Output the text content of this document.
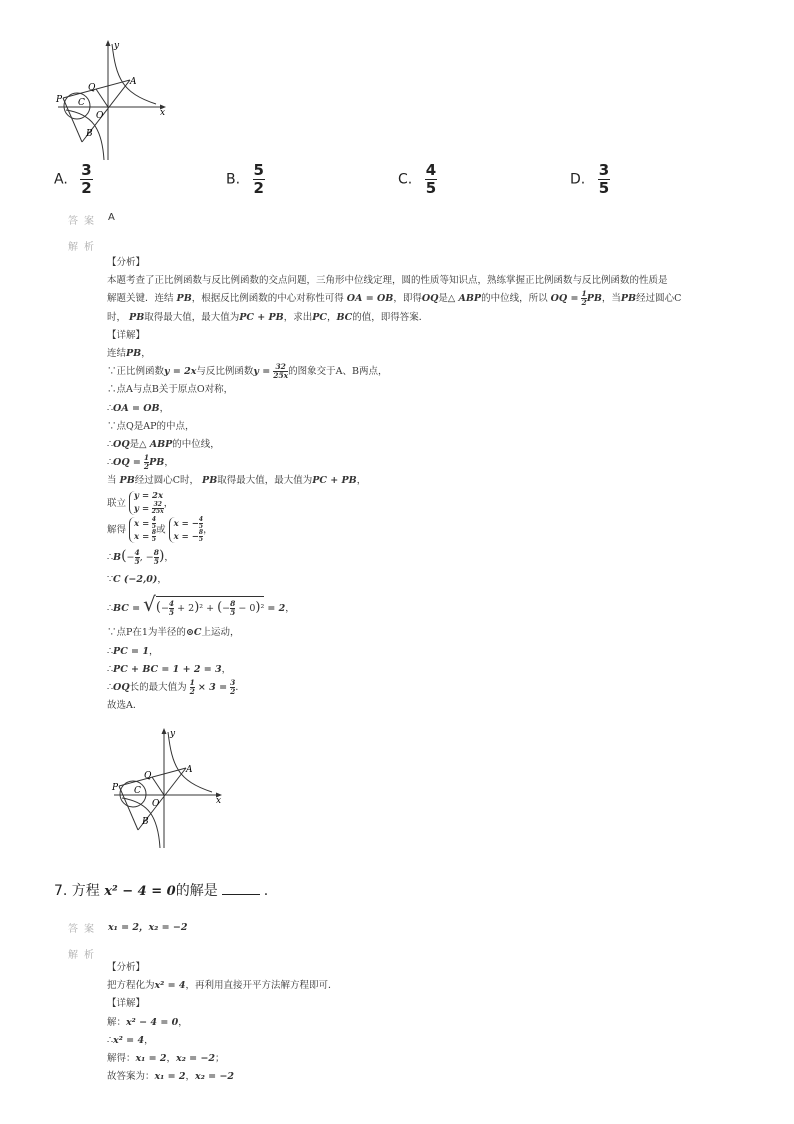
y
x
A
B
P
Q
C
O
A. $\frac{3}{2}$	B. $\frac{5}{2}$	C. $\frac{4}{5}$	D. $\frac{3}{5}$
答案 A
解析

【分析】

本题考查了正比例函数与反比例函数的交点问题，三角形中位线定理，圆的性质等知识点，熟练掌握正比例函数与反比例函数的性质是

解题关键．连结 PB，根据反比例函数的中心对称性可得 OA = OB，即得OQ是△ ABP的中位线，所以 OQ = $\frac{1}{2}PB$，当PB经过圆心C

时， PB取得最大值，最大值为PC + PB，求出PC，BC的值，即得答案．

【详解】

连结PB，

∵正比例函数y = 2x与反比例函数$y = \frac{32}{25x}$的图象交于A、B两点，

∴点A与点B关于原点O对称，

∴OA = OB，

∵点Q是AP的中点，

∴OQ是△ ABP的中位线，

∴OQ = $\frac{1}{2}PB$，

当 PB经过圆心C时， PB取得最大值，最大值为PC + PB，

联立 y = 2x
$y = \frac{32}{25x}$，

解得 $x = \frac{4}{5}$
$x = \frac{8}{5}$或 x = − $\frac{4}{5}$
x = − $\frac{8}{5}$，

∴B(− $\frac{4}{5}$, − $\frac{8}{5}$)，

∵C (−2,0)，

∴BC = √(− $\frac{4}{5} + 2)^2$ + (− $\frac{8}{5} - 0)^2 = 2$，

∵点P在1为半径的⊙C上运动，

∴PC = 1，

∴PC + BC = 1 + 2 = 3，

∴OQ长的最大值为 $\frac{1}{2} \times 3 = \frac{3}{2}$．

故选A．

y
x
A
B
P
Q
C
O
7. 方程 x² − 4 = 0的解是	.
答案 x₁ = 2，x₂ = −2
解析

【分析】

把方程化为x² = 4，再利用直接开平方法解方程即可．

【详解】

解：x² − 4 = 0，

∴x² = 4，

解得：x₁ = 2，x₂ = −2；

故答案为：x₁ = 2，x₂ = −2
